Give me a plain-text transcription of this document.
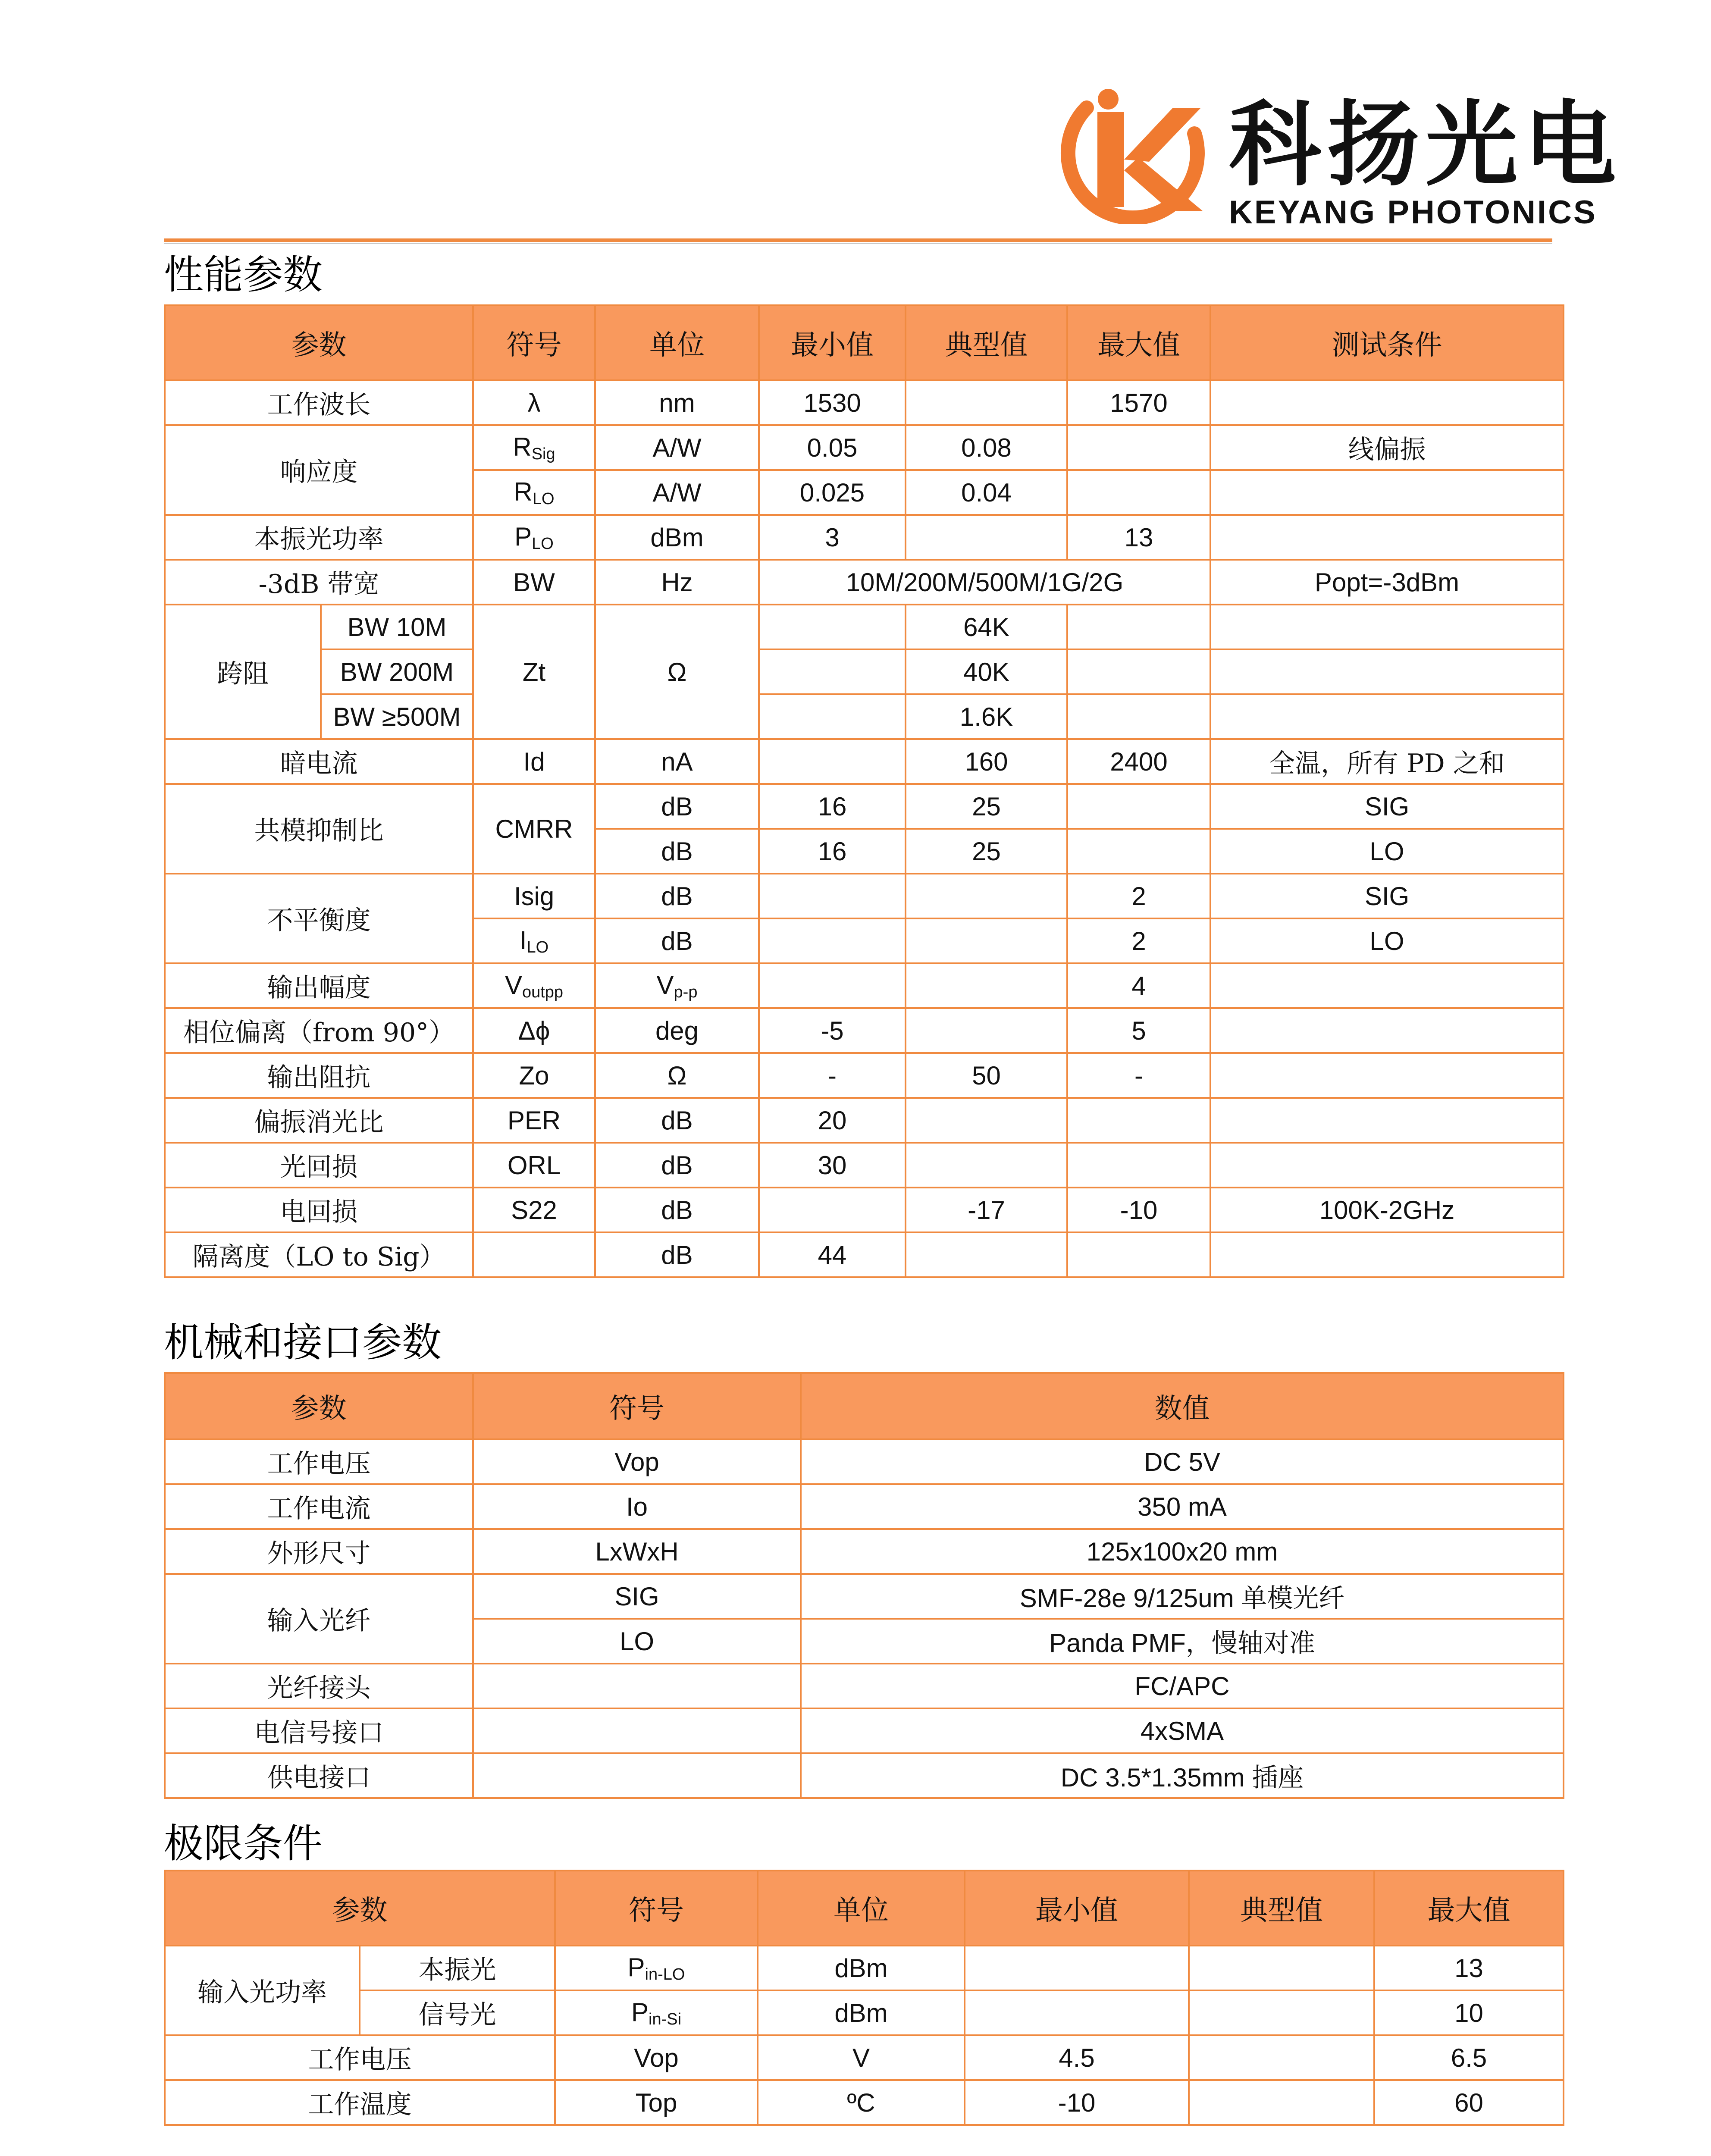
科扬光电
KEYANG PHOTONICS
性能参数
参数		符号	单位	最小值	典型值	最大值	测试条件
工作波长		λ	nm	1530		1570	
响应度		$R_{Sig}$	A/W	0.05	0.08		线偏振
		$R_{LO}$	A/W	0.025	0.04		
本振光功率		$P_{LO}$	dBm	3		13	
-3dB 带宽		BW	Hz	10M/200M/500M/1G/2G			Popt=-3dBm
跨阻	BW 10M	Zt	Ω		64K		
	BW 200M				40K		
	BW ≥500M				1.6K		
暗电流		Id	nA		160	2400	全温，所有 PD 之和
共模抑制比		CMRR	dB	16	25		SIG
			dB	16	25		LO
不平衡度		Isig	dB			2	SIG
		$I_{LO}$	dB			2	LO
输出幅度		$V_{outpp}$	$V_{p-p}$			4	
相位偏离（from 90°）		Δϕ	deg	-5		5	
输出阻抗		Zo	Ω	-	50	-	
偏振消光比		PER	dB	20			
光回损		ORL	dB	30			
电回损		S22	dB		-17	-10	100K-2GHz
隔离度（LO to Sig）			dB	44			
机械和接口参数
参数	符号	数值
工作电压	Vop	DC 5V
工作电流	Io	350 mA
外形尺寸	LxWxH	125x100x20 mm
输入光纤	SIG	SMF-28e 9/125um 单模光纤
	LO	Panda PMF，慢轴对准
光纤接头		FC/APC
电信号接口		4xSMA
供电接口		DC 3.5*1.35mm 插座
极限条件
参数		符号	单位	最小值	典型值	最大值
输入光功率	本振光	$P_{in-LO}$	dBm			13
	信号光	$P_{in-Si}$	dBm			10
工作电压		Vop	V	4.5		6.5
工作温度		Top	ºC	-10		60
